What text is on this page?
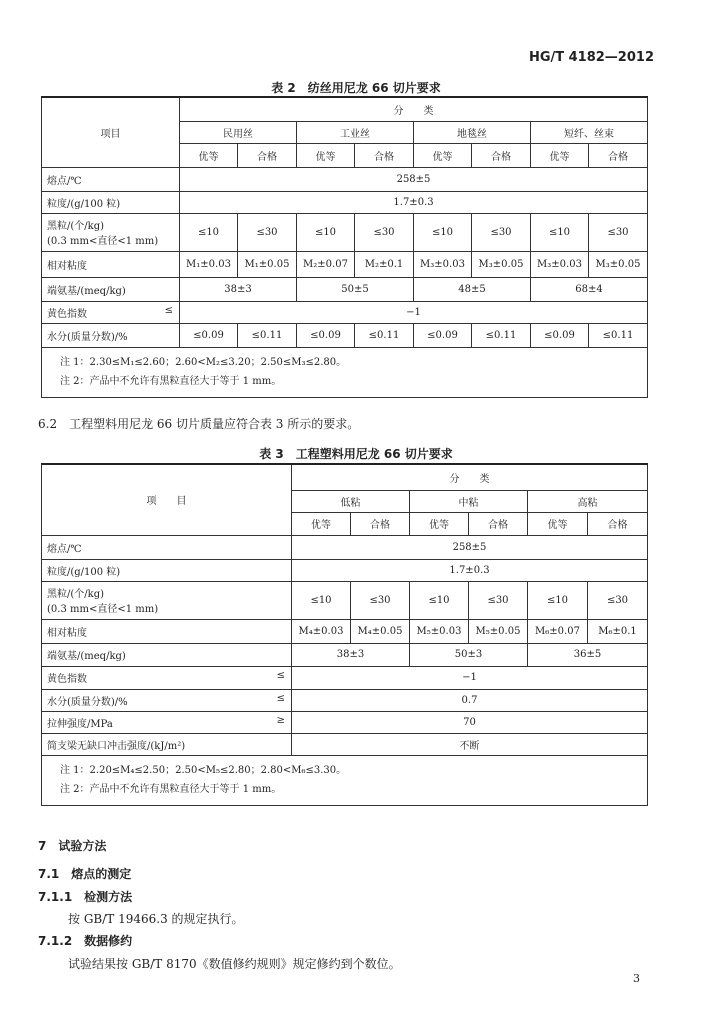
HG/T 4182—2012
表 2　纺丝用尼龙 66 切片要求
项目	分　　类							
	民用丝		工业丝		地毯丝		短纤、丝束	
	优等	合格	优等	合格	优等	合格	优等	合格
熔点/℃	258±5							
粒度/(g/100 粒)	1.7±0.3							
黑粒/(个/kg)
(0.3 mm<直径<1 mm)	≤10	≤30	≤10	≤30	≤10	≤30	≤10	≤30
相对粘度	M₁±0.03	M₁±0.05	M₂±0.07	M₂±0.1	M₃±0.03	M₃±0.05	M₃±0.03	M₃±0.05
端氨基/(meq/kg)	38±3		50±5		48±5		68±4	

≤
黄色指数	−1							
水分(质量分数)/%	≤0.09	≤0.11	≤0.09	≤0.11	≤0.09	≤0.11	≤0.09	≤0.11

注 1：2.30≤M₁≤2.60；2.60<M₂≤3.20；2.50≤M₃≤2.80。
注 2：产品中不允许有黑粒直径大于等于 1 mm。								
6.2　工程塑料用尼龙 66 切片质量应符合表 3 所示的要求。
表 3　工程塑料用尼龙 66 切片要求
项　　目	分　　类					
	低粘		中粘		高粘	
	优等	合格	优等	合格	优等	合格
熔点/℃	258±5					
粒度/(g/100 粒)	1.7±0.3					
黑粒/(个/kg)
(0.3 mm<直径<1 mm)	≤10	≤30	≤10	≤30	≤10	≤30
相对粘度	M₄±0.03	M₄±0.05	M₅±0.03	M₅±0.05	M₆±0.07	M₆±0.1
端氨基/(meq/kg)	38±3		50±3		36±5	

≤
黄色指数	−1					

≤
水分(质量分数)/%	0.7					

≥
拉伸强度/MPa	70					
简支梁无缺口冲击强度/(kJ/m²)	不断					

注 1：2.20≤M₄≤2.50；2.50<M₅≤2.80；2.80<M₆≤3.30。
注 2：产品中不允许有黑粒直径大于等于 1 mm。						
7　试验方法
7.1　熔点的测定
7.1.1　检测方法
按 GB/T 19466.3 的规定执行。
7.1.2　数据修约
试验结果按 GB/T 8170《数值修约规则》规定修约到个数位。
3
